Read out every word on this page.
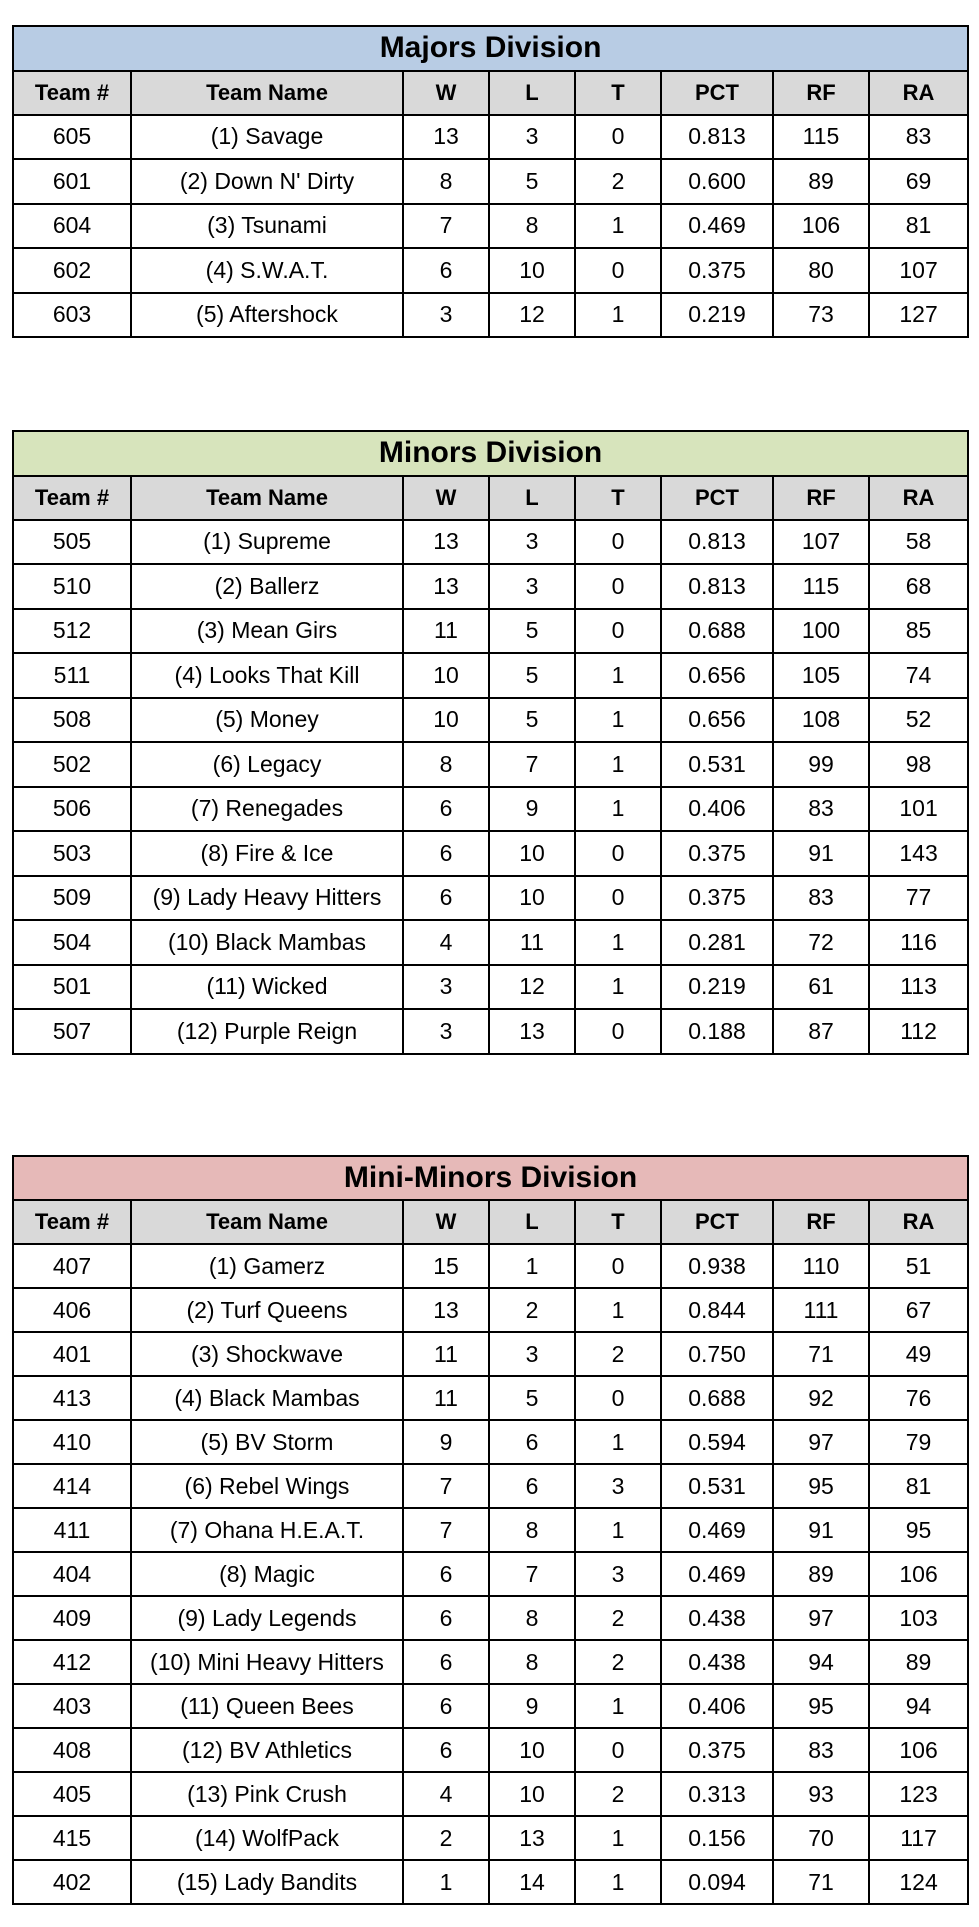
Majors Division							
Team #	Team Name	W	L	T	PCT	RF	RA
605	(1) Savage	13	3	0	0.813	115	83
601	(2) Down N' Dirty	8	5	2	0.600	89	69
604	(3) Tsunami	7	8	1	0.469	106	81
602	(4) S.W.A.T.	6	10	0	0.375	80	107
603	(5) Aftershock	3	12	1	0.219	73	127
Minors Division							
Team #	Team Name	W	L	T	PCT	RF	RA
505	(1) Supreme	13	3	0	0.813	107	58
510	(2) Ballerz	13	3	0	0.813	115	68
512	(3) Mean Girs	11	5	0	0.688	100	85
511	(4) Looks That Kill	10	5	1	0.656	105	74
508	(5) Money	10	5	1	0.656	108	52
502	(6) Legacy	8	7	1	0.531	99	98
506	(7) Renegades	6	9	1	0.406	83	101
503	(8) Fire & Ice	6	10	0	0.375	91	143
509	(9) Lady Heavy Hitters	6	10	0	0.375	83	77
504	(10) Black Mambas	4	11	1	0.281	72	116
501	(11) Wicked	3	12	1	0.219	61	113
507	(12) Purple Reign	3	13	0	0.188	87	112
Mini-Minors Division							
Team #	Team Name	W	L	T	PCT	RF	RA
407	(1) Gamerz	15	1	0	0.938	110	51
406	(2) Turf Queens	13	2	1	0.844	111	67
401	(3) Shockwave	11	3	2	0.750	71	49
413	(4) Black Mambas	11	5	0	0.688	92	76
410	(5) BV Storm	9	6	1	0.594	97	79
414	(6) Rebel Wings	7	6	3	0.531	95	81
411	(7) Ohana H.E.A.T.	7	8	1	0.469	91	95
404	(8) Magic	6	7	3	0.469	89	106
409	(9) Lady Legends	6	8	2	0.438	97	103
412	(10) Mini Heavy Hitters	6	8	2	0.438	94	89
403	(11) Queen Bees	6	9	1	0.406	95	94
408	(12) BV Athletics	6	10	0	0.375	83	106
405	(13) Pink Crush	4	10	2	0.313	93	123
415	(14) WolfPack	2	13	1	0.156	70	117
402	(15) Lady Bandits	1	14	1	0.094	71	124
